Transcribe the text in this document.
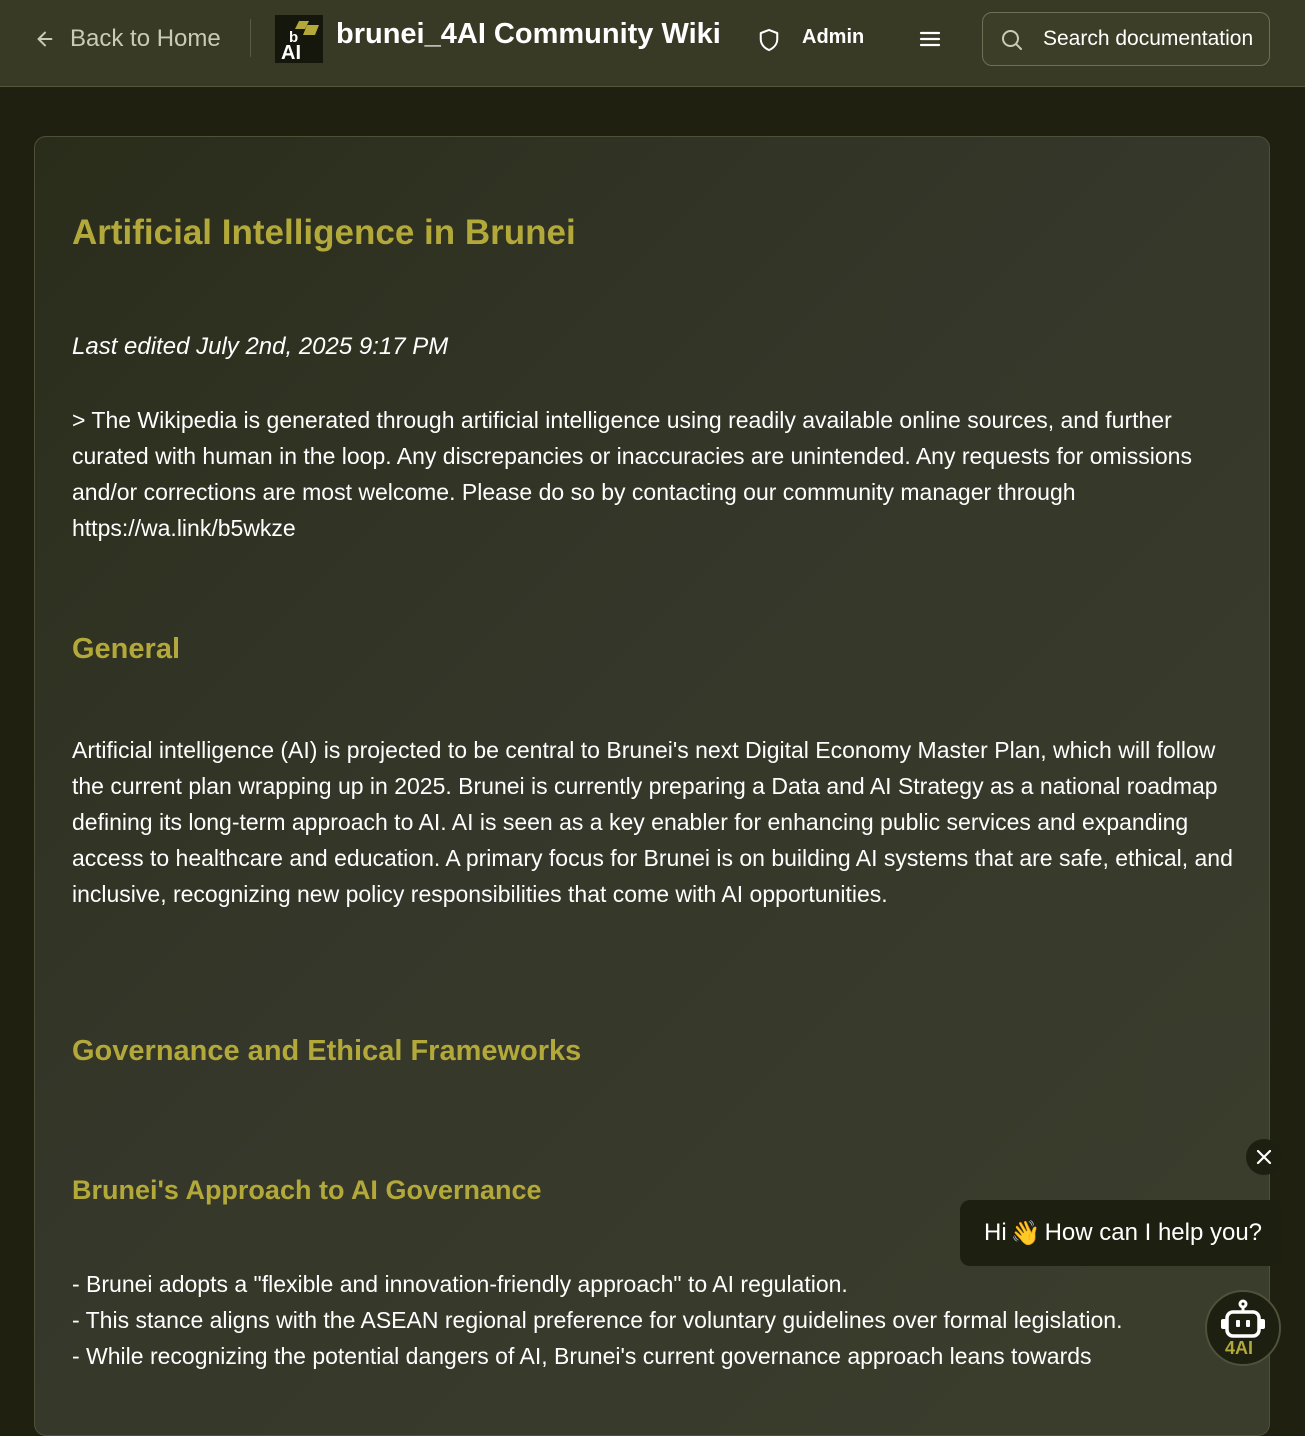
Back to Home	b
AI
brunei_4AI Community Wiki	Admin
Search documentation...
Artificial Intelligence in Brunei

Last edited July 2nd, 2025 9:17 PM

> The Wikipedia is generated through artificial intelligence using readily available online sources, and further curated with human in the loop. Any discrepancies or inaccuracies are unintended. Any requests for omissions and/or corrections are most welcome. Please do so by contacting our community manager through https://wa.link/b5wkze

General

Artificial intelligence (AI) is projected to be central to Brunei's next Digital Economy Master Plan, which will follow the current plan wrapping up in 2025. Brunei is currently preparing a Data and AI Strategy as a national roadmap defining its long-term approach to AI. AI is seen as a key enabler for enhancing public services and expanding access to healthcare and education. A primary focus for Brunei is on building AI systems that are safe, ethical, and inclusive, recognizing new policy responsibilities that come with AI opportunities.

Governance and Ethical Frameworks
Brunei's Approach to AI Governance
- Brunei adopts a "flexible and innovation-friendly approach" to AI regulation.
- This stance aligns with the ASEAN regional preference for voluntary guidelines over formal legislation.
- While recognizing the potential dangers of AI, Brunei's current governance approach leans towards
Hi 👋 How can I help you?
4AI
